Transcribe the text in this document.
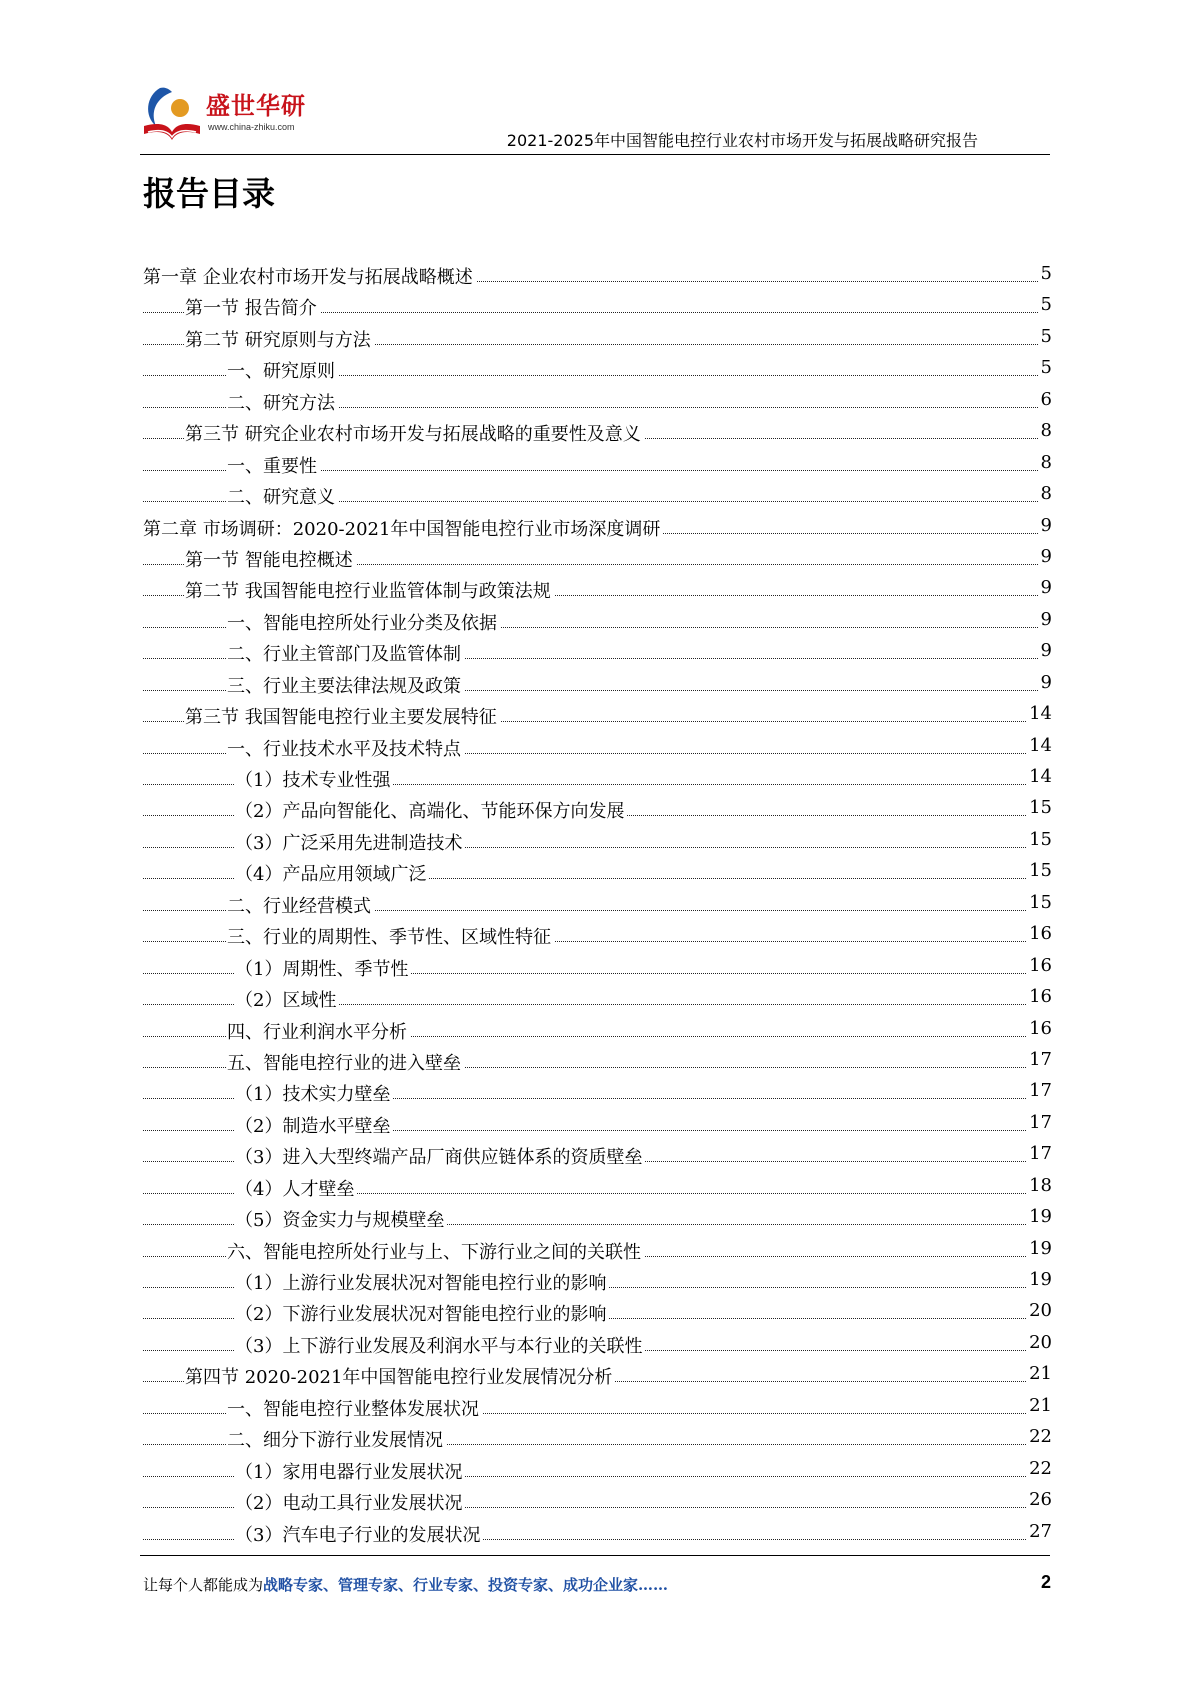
盛世华研
www.china-zhiku.com
2021-2025年中国智能电控行业农村市场开发与拓展战略研究报告
报告目录
第一章 企业农村市场开发与拓展战略概述	5
第一节 报告简介	5
第二节 研究原则与方法	5
一、研究原则	5
二、研究方法	6
第三节 研究企业农村市场开发与拓展战略的重要性及意义	8
一、重要性	8
二、研究意义	8
第二章 市场调研：2020-2021年中国智能电控行业市场深度调研	9
第一节 智能电控概述	9
第二节 我国智能电控行业监管体制与政策法规	9
一、智能电控所处行业分类及依据	9
二、行业主管部门及监管体制	9
三、行业主要法律法规及政策	9
第三节 我国智能电控行业主要发展特征	14
一、行业技术水平及技术特点	14
（1）技术专业性强	14
（2）产品向智能化、高端化、节能环保方向发展	15
（3）广泛采用先进制造技术	15
（4）产品应用领域广泛	15
二、行业经营模式	15
三、行业的周期性、季节性、区域性特征	16
（1）周期性、季节性	16
（2）区域性	16
四、行业利润水平分析	16
五、智能电控行业的进入壁垒	17
（1）技术实力壁垒	17
（2）制造水平壁垒	17
（3）进入大型终端产品厂商供应链体系的资质壁垒	17
（4）人才壁垒	18
（5）资金实力与规模壁垒	19
六、智能电控所处行业与上、下游行业之间的关联性	19
（1）上游行业发展状况对智能电控行业的影响	19
（2）下游行业发展状况对智能电控行业的影响	20
（3）上下游行业发展及利润水平与本行业的关联性	20
第四节 2020-2021年中国智能电控行业发展情况分析	21
一、智能电控行业整体发展状况	21
二、细分下游行业发展情况	22
（1）家用电器行业发展状况	22
（2）电动工具行业发展状况	26
（3）汽车电子行业的发展状况	27
让每个人都能成为战略专家、管理专家、行业专家、投资专家、成功企业家……	2
